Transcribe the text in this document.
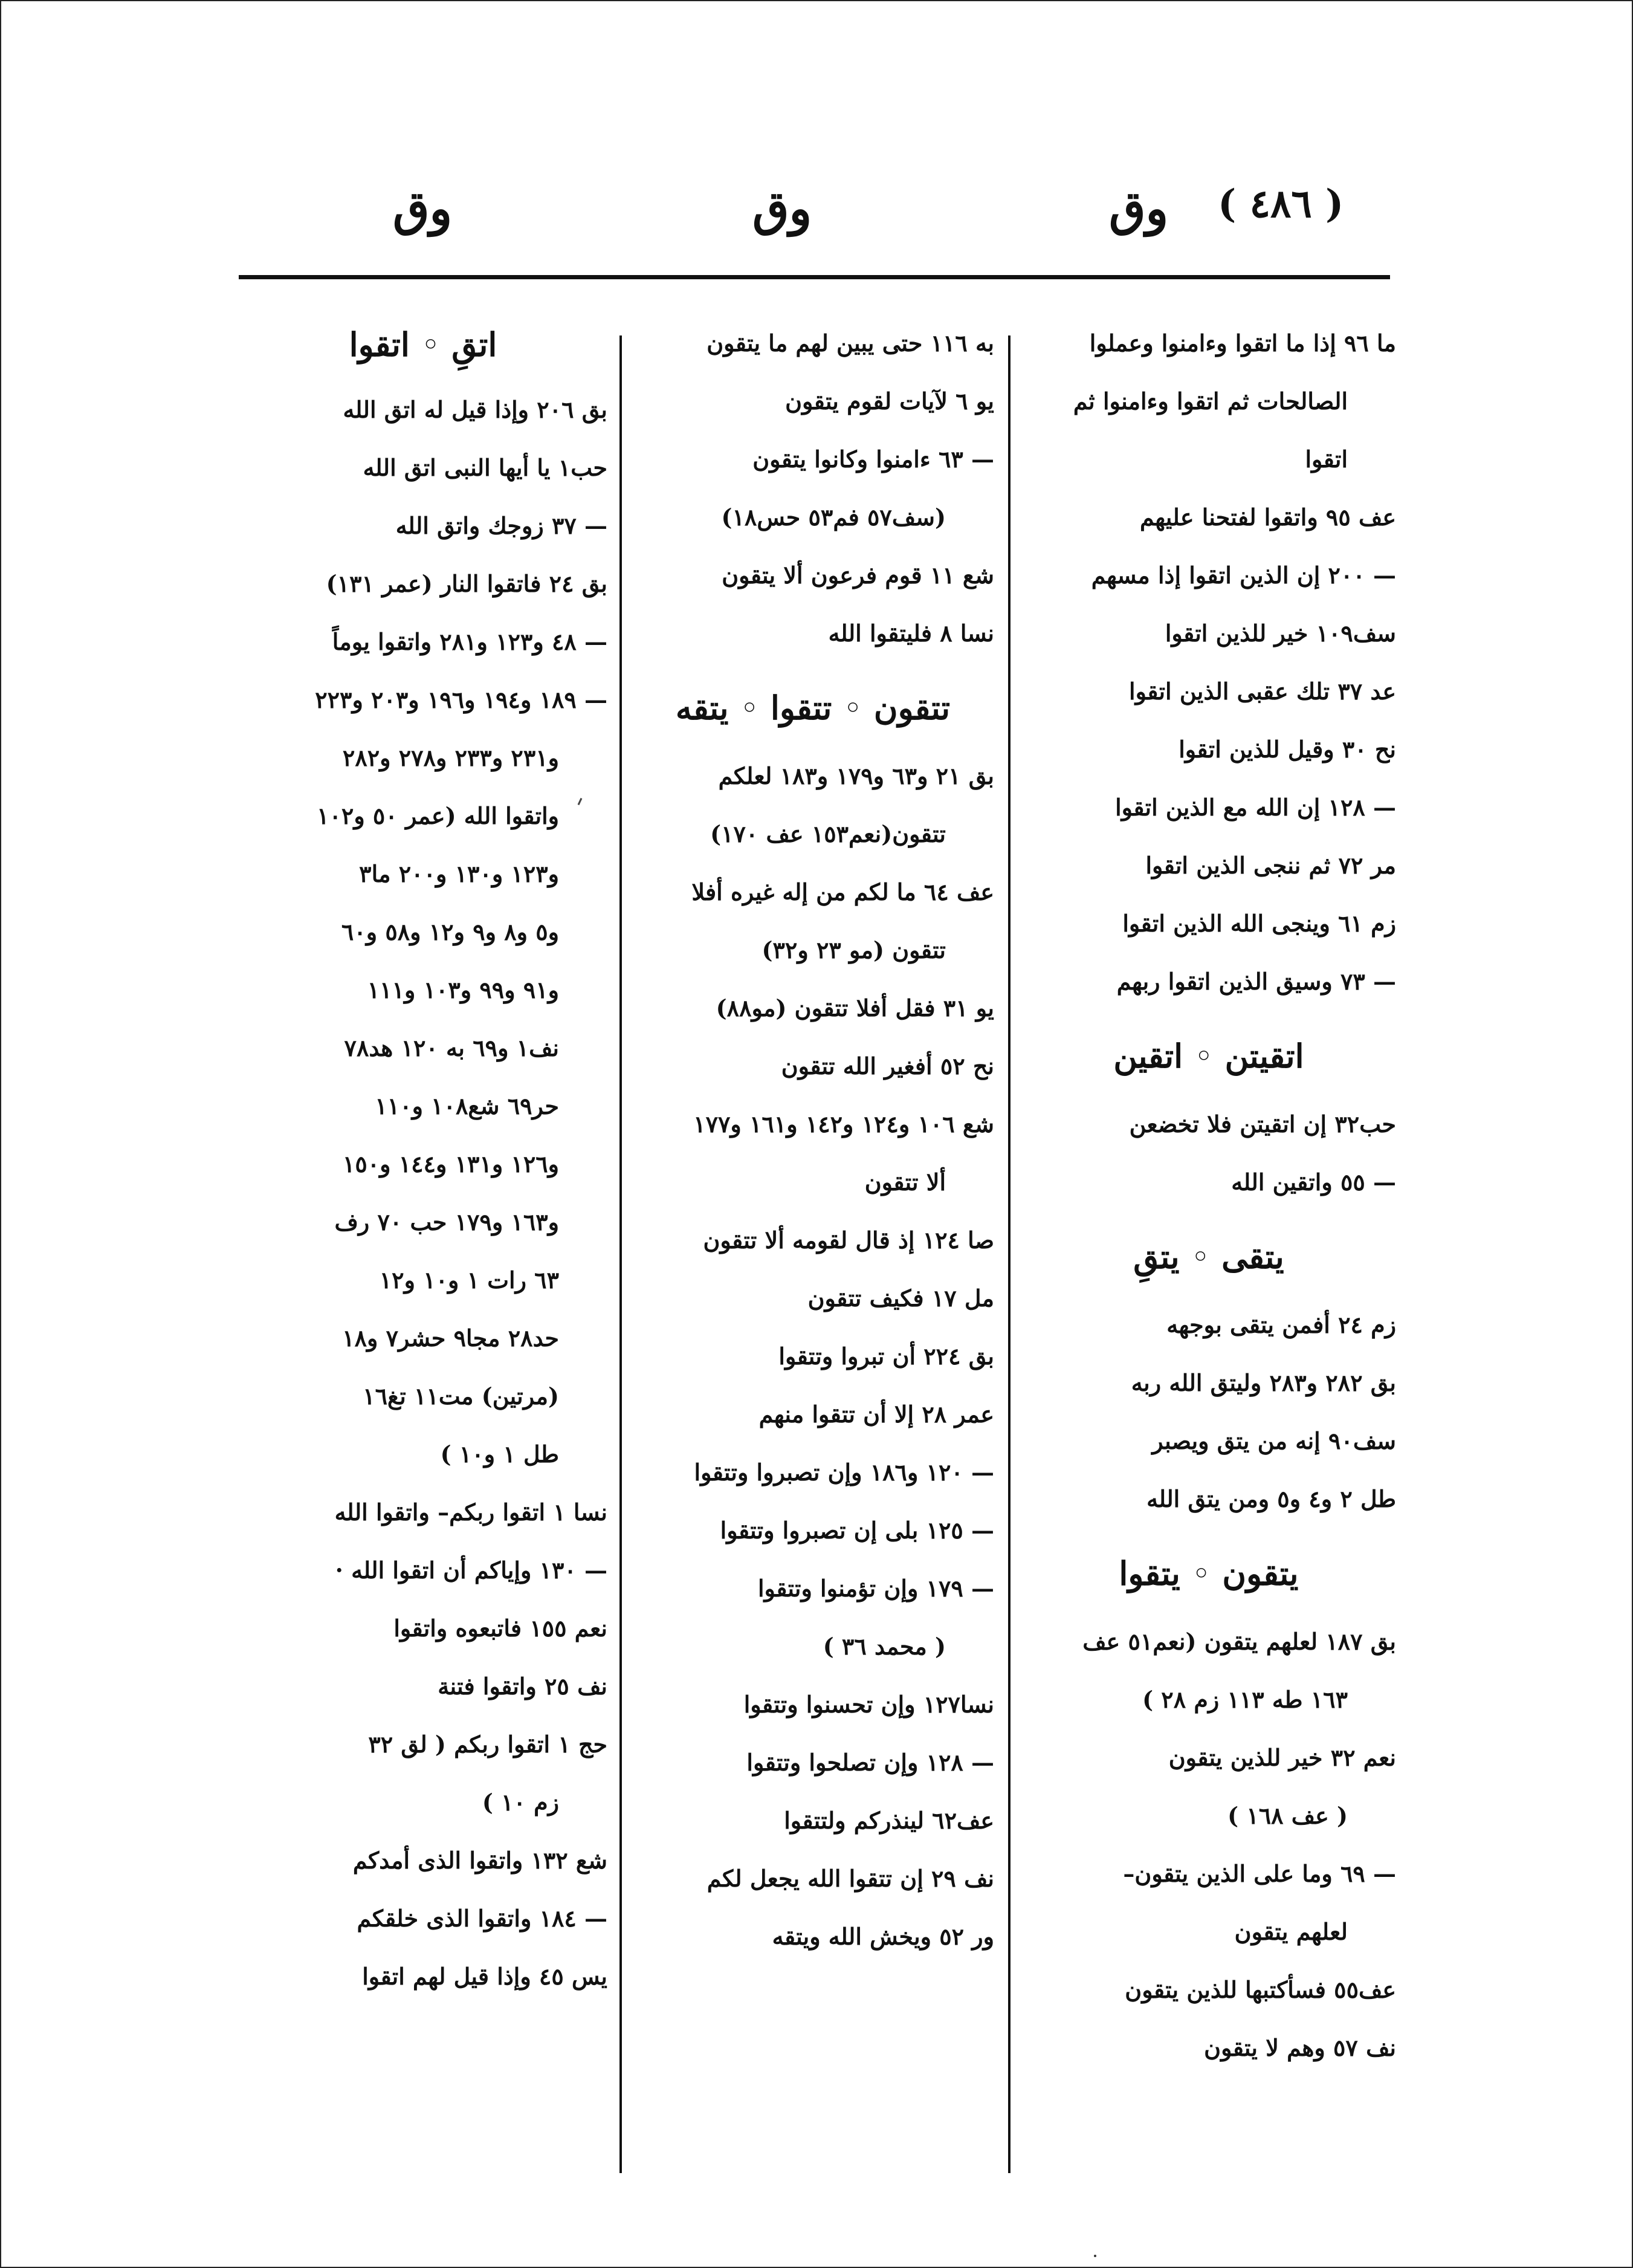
( ٤٨٦ )
وق
وق
وق
ما ٩٦ إذا ما اتقوا وءامنوا وعملوا
الصالحات ثم اتقوا وءامنوا ثم
اتقوا
عف ٩٥ واتقوا لفتحنا عليهم
— ٢٠٠ إن الذين اتقوا إذا مسهم
سف١٠٩ خير للذين اتقوا
عد ٣٧ تلك عقبى الذين اتقوا
نح ٣٠ وقيل للذين اتقوا
— ١٢٨ إن الله مع الذين اتقوا
مر ٧٢ ثم ننجى الذين اتقوا
زم ٦١ وينجى الله الذين اتقوا
— ٧٣ وسيق الذين اتقوا ربهم
اتقيتن ◦ اتقين
حب٣٢ إن اتقيتن فلا تخضعن
— ٥٥ واتقين الله
يتقى ◦ يتقِ
زم ٢٤ أفمن يتقى بوجهه
بق ٢٨٢ و٢٨٣ وليتق الله ربه
سف٩٠ إنه من يتق ويصبر
طل ٢ و٤ و٥ ومن يتق الله
يتقون ◦ يتقوا
بق ١٨٧ لعلهم يتقون (نعم٥١ عف
١٦٣ طه ١١٣ زم ٢٨ )
نعم ٣٢ خير للذين يتقون
( عف ١٦٨ )
— ٦٩ وما على الذين يتقون–
لعلهم يتقون
عف٥٥ فسأكتبها للذين يتقون
نف ٥٧ وهم لا يتقون
به ١١٦ حتى يبين لهم ما يتقون
يو ٦ لآيات لقوم يتقون
— ٦٣ ءامنوا وكانوا يتقون
(سف٥٧ فم٥٣ حس١٨)
شع ١١ قوم فرعون ألا يتقون
نسا ٨ فليتقوا الله
تتقون ◦ تتقوا ◦ يتقه
بق ٢١ و٦٣ و١٧٩ و١٨٣ لعلكم
تتقون(نعم١٥٣ عف ١٧٠)
عف ٦٤ ما لكم من إله غيره أفلا
تتقون (مو ٢٣ و٣٢)
يو ٣١ فقل أفلا تتقون (مو٨٨)
نح ٥٢ أفغير الله تتقون
شع ١٠٦ و١٢٤ و١٤٢ و١٦١ و١٧٧
ألا تتقون
صا ١٢٤ إذ قال لقومه ألا تتقون
مل ١٧ فكيف تتقون
بق ٢٢٤ أن تبروا وتتقوا
عمر ٢٨ إلا أن تتقوا منهم
— ١٢٠ و١٨٦ وإن تصبروا وتتقوا
— ١٢٥ بلى إن تصبروا وتتقوا
— ١٧٩ وإن تؤمنوا وتتقوا
( محمد ٣٦ )
نسا١٢٧ وإن تحسنوا وتتقوا
— ١٢٨ وإن تصلحوا وتتقوا
عف٦٢ لينذركم ولتتقوا
نف ٢٩ إن تتقوا الله يجعل لكم
ور ٥٢ ويخش الله ويتقه
اتقِ ◦ اتقوا
بق ٢٠٦ وإذا قيل له اتق الله
حب١ يا أيها النبى اتق الله
— ٣٧ زوجك واتق الله
بق ٢٤ فاتقوا النار (عمر ١٣١)
— ٤٨ و١٢٣ و٢٨١ واتقوا يوماً
— ١٨٩ و١٩٤ و١٩٦ و٢٠٣ و٢٢٣
و٢٣١ و٢٣٣ و٢٧٨ و٢٨٢
واتقوا الله (عمر ٥٠ و١٠٢
و١٢٣ و١٣٠ و٢٠٠ ما٣
و٥ و٨ و٩ و١٢ و٥٨ و٦٠
و٩١ و٩٩ و١٠٣ و١١١
نف١ و٦٩ به ١٢٠ هد٧٨
حر٦٩ شع١٠٨ و١١٠
و١٢٦ و١٣١ و١٤٤ و١٥٠
و١٦٣ و١٧٩ حب ٧٠ رف
٦٣ رات ١ و١٠ و١٢
حد٢٨ مجا٩ حشر٧ و١٨
(مرتين) مت١١ تغ١٦
طل ١ و١٠ )
نسا ١ اتقوا ربكم– واتقوا الله
— ١٣٠ وإياكم أن اتقوا الله ·
نعم ١٥٥ فاتبعوه واتقوا
نف ٢٥ واتقوا فتنة
حج ١ اتقوا ربكم ( لق ٣٢
زم ١٠ )
شع ١٣٢ واتقوا الذى أمدكم
— ١٨٤ واتقوا الذى خلقكم
يس ٤٥ وإذا قيل لهم اتقوا
